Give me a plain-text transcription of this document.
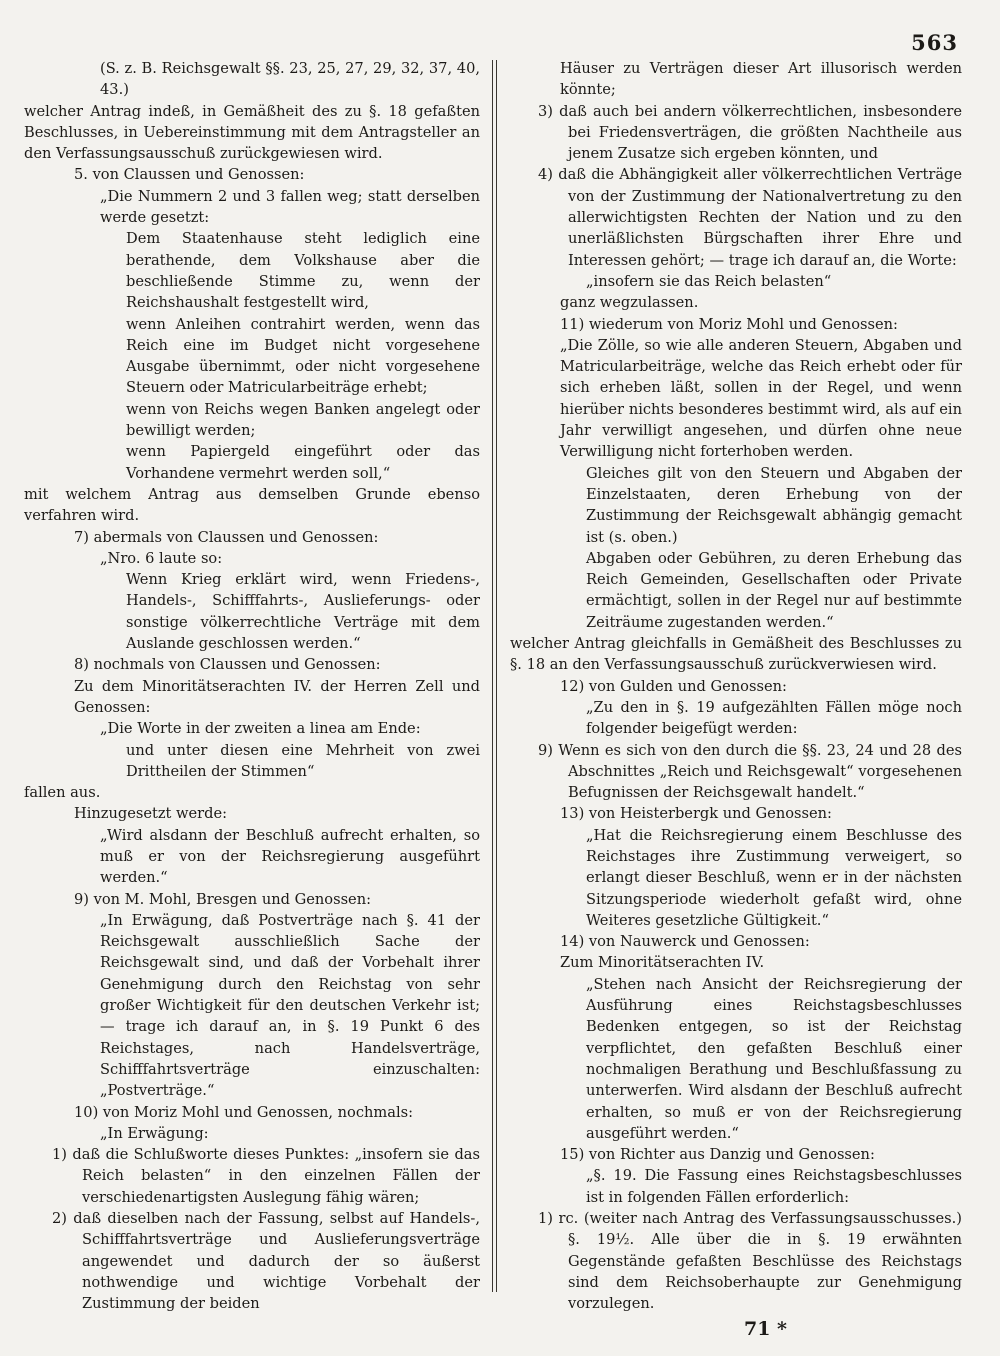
563

(S. z. B. Reichsgewalt §§. 23, 25, 27, 29, 32, 37, 40, 43.)

welcher Antrag indeß, in Gemäßheit des zu §. 18 gefaßten Beschlusses, in Uebereinstimmung mit dem Antragsteller an den Verfassungsausschuß zurückgewiesen wird.

5. von Claussen und Genossen:

„Die Nummern 2 und 3 fallen weg; statt derselben werde gesetzt:

Dem Staatenhause steht lediglich eine berathende, dem Volkshause aber die beschließende Stimme zu, wenn der Reichshaushalt festgestellt wird,

wenn Anleihen contrahirt werden, wenn das Reich eine im Budget nicht vorgesehene Ausgabe übernimmt, oder nicht vorgesehene Steuern oder Matricularbeiträge erhebt;

wenn von Reichs wegen Banken angelegt oder bewilligt werden;

wenn Papiergeld eingeführt oder das Vorhandene vermehrt werden soll,“

mit welchem Antrag aus demselben Grunde ebenso verfahren wird.

7) abermals von Claussen und Genossen:

„Nro. 6 laute so:

Wenn Krieg erklärt wird, wenn Friedens-, Handels-, Schifffahrts-, Auslieferungs- oder sonstige völkerrechtliche Verträge mit dem Auslande geschlossen werden.“

8) nochmals von Claussen und Genossen:

Zu dem Minoritätserachten IV. der Herren Zell und Genossen:

„Die Worte in der zweiten a linea am Ende:

und unter diesen eine Mehrheit von zwei Drittheilen der Stimmen“

fallen aus.

Hinzugesetzt werde:

„Wird alsdann der Beschluß aufrecht erhalten, so muß er von der Reichsregierung ausgeführt werden.“

9) von M. Mohl, Bresgen und Genossen:

„In Erwägung, daß Postverträge nach §. 41 der Reichsgewalt ausschließlich Sache der Reichsgewalt sind, und daß der Vorbehalt ihrer Genehmigung durch den Reichstag von sehr großer Wichtigkeit für den deutschen Verkehr ist; — trage ich darauf an, in §. 19 Punkt 6 des Reichstages, nach Handelsverträge, Schifffahrtsverträge einzuschalten: „Postverträge.“

10) von Moriz Mohl und Genossen, nochmals:

„In Erwägung:

1) daß die Schlußworte dieses Punktes: „insofern sie das Reich belasten“ in den einzelnen Fällen der verschiedenartigsten Auslegung fähig wären;

2) daß dieselben nach der Fassung, selbst auf Handels-, Schifffahrtsverträge und Auslieferungsverträge angewendet und dadurch der so äußerst nothwendige und wichtige Vorbehalt der Zustimmung der beiden

Häuser zu Verträgen dieser Art illusorisch werden könnte;

3) daß auch bei andern völkerrechtlichen, insbesondere bei Friedensverträgen, die größten Nachtheile aus jenem Zusatze sich ergeben könnten, und

4) daß die Abhängigkeit aller völkerrechtlichen Verträge von der Zustimmung der Nationalvertretung zu den allerwichtigsten Rechten der Nation und zu den unerläßlichsten Bürgschaften ihrer Ehre und Interessen gehört; — trage ich darauf an, die Worte:

„insofern sie das Reich belasten“

ganz wegzulassen.

11) wiederum von Moriz Mohl und Genossen:

„Die Zölle, so wie alle anderen Steuern, Abgaben und Matricularbeiträge, welche das Reich erhebt oder für sich erheben läßt, sollen in der Regel, und wenn hierüber nichts besonderes bestimmt wird, als auf ein Jahr verwilligt angesehen, und dürfen ohne neue Verwilligung nicht forterhoben werden.

Gleiches gilt von den Steuern und Abgaben der Einzelstaaten, deren Erhebung von der Zustimmung der Reichsgewalt abhängig gemacht ist (s. oben.)

Abgaben oder Gebühren, zu deren Erhebung das Reich Gemeinden, Gesellschaften oder Private ermächtigt, sollen in der Regel nur auf bestimmte Zeiträume zugestanden werden.“

welcher Antrag gleichfalls in Gemäßheit des Beschlusses zu §. 18 an den Verfassungsausschuß zurückverwiesen wird.

12) von Gulden und Genossen:

„Zu den in §. 19 aufgezählten Fällen möge noch folgender beigefügt werden:

9) Wenn es sich von den durch die §§. 23, 24 und 28 des Abschnittes „Reich und Reichsgewalt“ vorgesehenen Befugnissen der Reichsgewalt handelt.“

13) von Heisterbergk und Genossen:

„Hat die Reichsregierung einem Beschlusse des Reichstages ihre Zustimmung verweigert, so erlangt dieser Beschluß, wenn er in der nächsten Sitzungsperiode wiederholt gefaßt wird, ohne Weiteres gesetzliche Gültigkeit.“

14) von Nauwerck und Genossen:

Zum Minoritätserachten IV.

„Stehen nach Ansicht der Reichsregierung der Ausführung eines Reichstagsbeschlusses Bedenken entgegen, so ist der Reichstag verpflichtet, den gefaßten Beschluß einer nochmaligen Berathung und Beschlußfassung zu unterwerfen. Wird alsdann der Beschluß aufrecht erhalten, so muß er von der Reichsregierung ausgeführt werden.“

15) von Richter aus Danzig und Genossen:

„§. 19. Die Fassung eines Reichstagsbeschlusses ist in folgenden Fällen erforderlich:

1) rc. (weiter nach Antrag des Verfassungsausschusses.) §. 19½. Alle über die in §. 19 erwähnten Gegenstände gefaßten Beschlüsse des Reichstags sind dem Reichsoberhaupte zur Genehmigung vorzulegen.

71 *
